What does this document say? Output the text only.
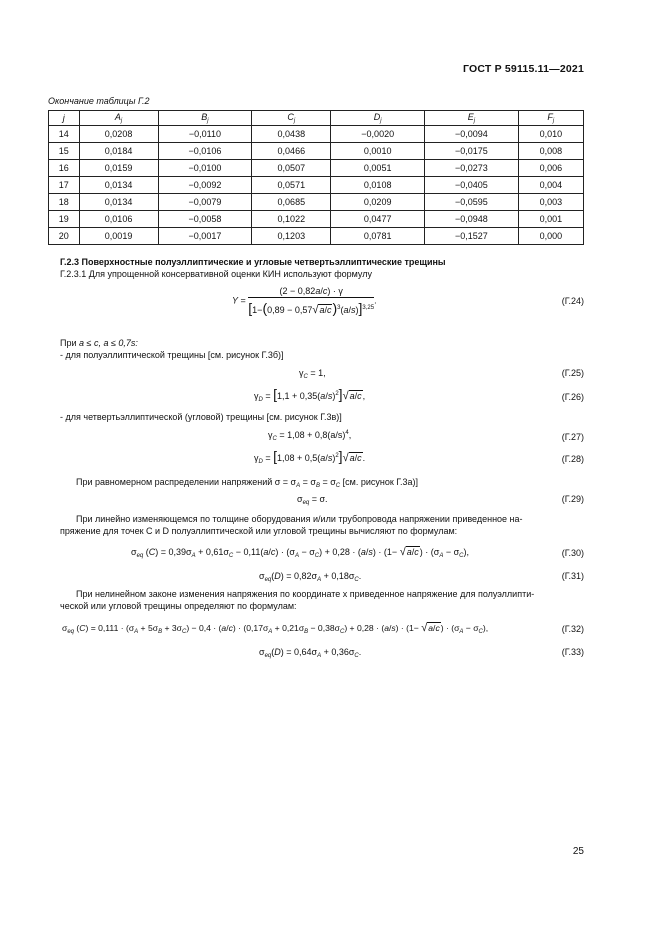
ГОСТ Р 59115.11—2021
Окончание таблицы Г.2
j	$A_j$	$B_j$	$C_j$	$D_j$	$E_j$	$F_j$
14	0,0208	−0,0110	0,0438	−0,0020	−0,0094	0,010
15	0,0184	−0,0106	0,0466	0,0010	−0,0175	0,008
16	0,0159	−0,0100	0,0507	0,0051	−0,0273	0,006
17	0,0134	−0,0092	0,0571	0,0108	−0,0405	0,004
18	0,0134	−0,0079	0,0685	0,0209	−0,0595	0,003
19	0,0106	−0,0058	0,1022	0,0477	−0,0948	0,001
20	0,0019	−0,0017	0,1203	0,0781	−0,1527	0,000
Г.2.3 Поверхностные полуэллиптические и угловые четвертьэллиптические трещины
Г.2.3.1 Для упрощенной консервативной оценки КИН используют формулу
$Y = \frac{(2 - 0,82a/c) \cdot \gamma}{[1-(0,89 - 0,57√a/c)^3(a/s)]^{3,25}}$ .	(Г.24)
При a ≤ c, a ≤ 0,7s:
- для полуэллиптической трещины [см. рисунок Г.3б)]
$\gamma_C = 1$,	(Г.25)
$\gamma_D = [1,1 + 0,35(a/s)^2]√a/c$,	(Г.26)
- для четвертьэллиптической (угловой) трещины [см. рисунок Г.3в)]
$\gamma_C = 1,08 + 0,8(a/s)^4$,	(Г.27)
$\gamma_D = [1,08 + 0,5(a/s)^2]√a/c$.	(Г.28)
При равномерном распределении напряжений $\sigma = \sigma_A = \sigma_B = \sigma_C$ [см. рисунок Г.3а)]
$\sigma_{eq} = \sigma$.	(Г.29)
При линейно изменяющемся по толщине оборудования и/или трубопровода напряжении приведенное на-
пряжение для точек C и D полуэллиптической или угловой трещины вычисляют по формулам:
$\sigma_{eq}$ $(C) = 0,39\sigma_A + 0,61\sigma_C - 0,11(a/c) \cdot (\sigma_A - \sigma_C) + 0,28 \cdot (a/s) \cdot (1- √a/c) \cdot (\sigma_A - \sigma_C)$,	(Г.30)
$\sigma_{eq}(D) = 0,82\sigma_A + 0,18\sigma_C$.	(Г.31)
При нелинейном законе изменения напряжения по координате x приведенное напряжение для полуэллипти-
ческой или угловой трещины определяют по формулам:
$\sigma_{eq}$ $(C) = 0,111 \cdot (\sigma_A + 5\sigma_B + 3\sigma_C) - 0,4 \cdot (a/c) \cdot (0,17\sigma_A + 0,21\sigma_B - 0,38\sigma_C) + 0,28 \cdot (a/s) \cdot (1- √a/c) \cdot (\sigma_A - \sigma_C)$,	(Г.32)
$\sigma_{eq}(D) = 0,64\sigma_A + 0,36\sigma_C$.	(Г.33)
25
